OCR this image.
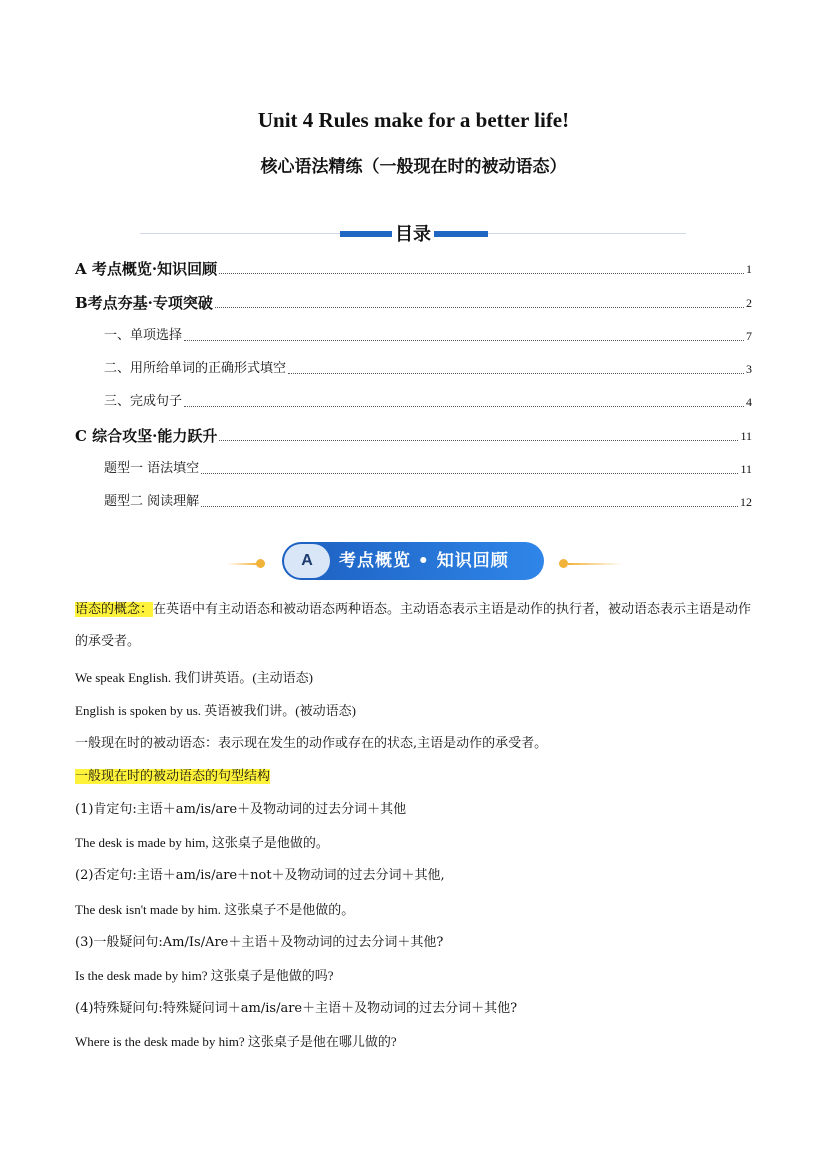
Unit 4 Rules make for a better life!
核心语法精练（一般现在时的被动语态）
目录
A 考点概览·知识回顾	1
B考点夯基·专项突破	2
一、单项选择	7
二、用所给单词的正确形式填空	3
三、完成句子	4
C 综合攻坚·能力跃升	11
题型一 语法填空	11
题型二 阅读理解	12
A	考点概览 • 知识回顾
语态的概念：在英语中有主动语态和被动语态两种语态。主动语态表示主语是动作的执行者，被动语态表示主语是动作的承受者。
We speak English. 我们讲英语。(主动语态)
English is spoken by us. 英语被我们讲。(被动语态)
一般现在时的被动语态：表示现在发生的动作或存在的状态,主语是动作的承受者。
一般现在时的被动语态的句型结构
(1)肯定句:主语＋am/is/are＋及物动词的过去分词＋其他
The desk is made by him, 这张桌子是他做的。
(2)否定句:主语＋am/is/are＋not＋及物动词的过去分词＋其他,
The desk isn't made by him. 这张桌子不是他做的。
(3)一般疑问句:Am/Is/Are＋主语＋及物动词的过去分词＋其他?
Is the desk made by him? 这张桌子是他做的吗?
(4)特殊疑问句:特殊疑问词＋am/is/are＋主语＋及物动词的过去分词＋其他?
Where is the desk made by him? 这张桌子是他在哪儿做的?
